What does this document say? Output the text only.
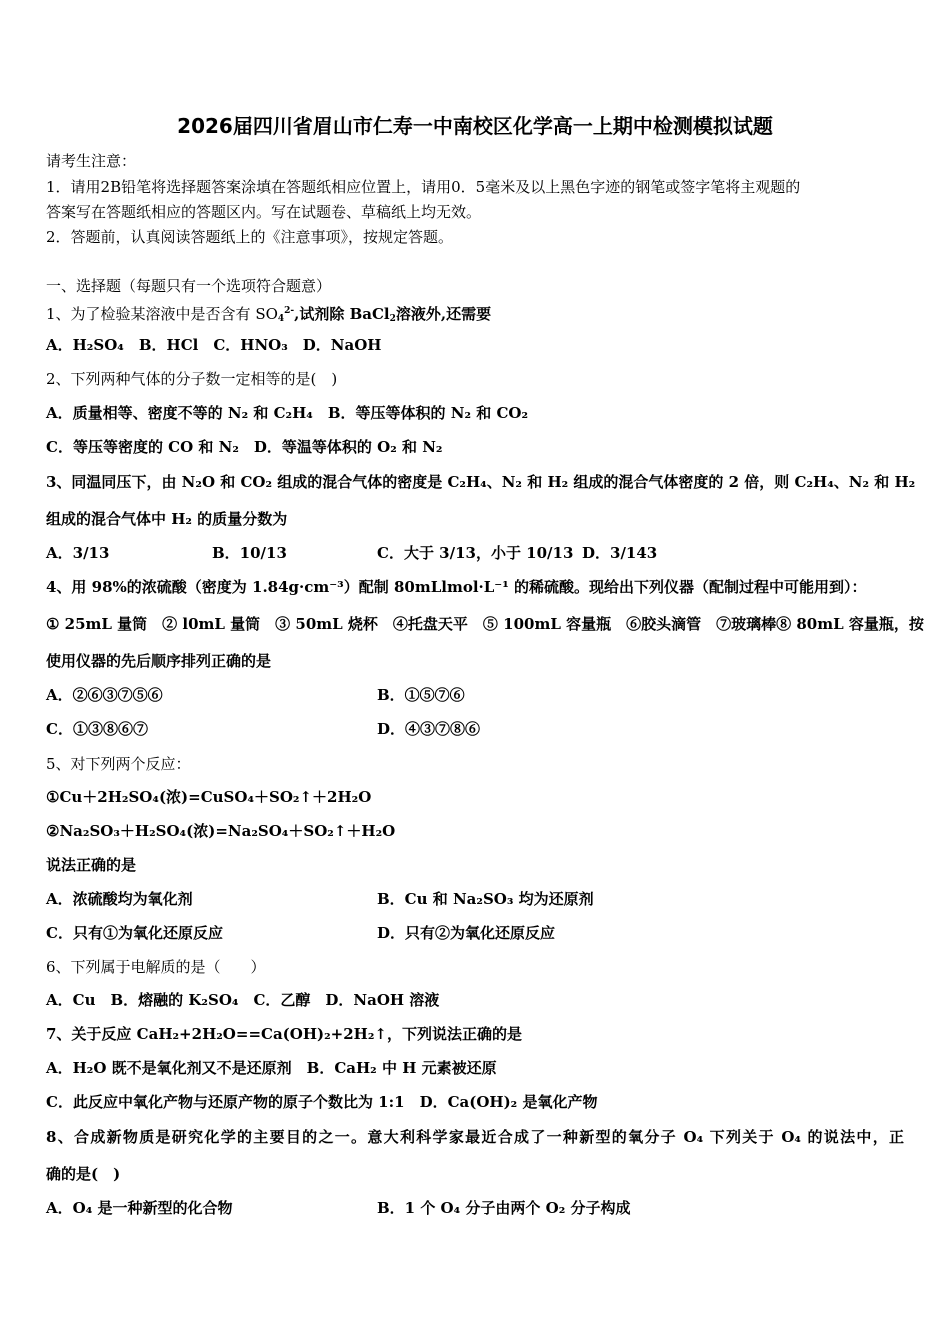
2026届四川省眉山市仁寿一中南校区化学高一上期中检测模拟试题
请考生注意：
1．请用2B铅笔将选择题答案涂填在答题纸相应位置上，请用0．5毫米及以上黑色字迹的钢笔或签字笔将主观题的
答案写在答题纸相应的答题区内。写在试题卷、草稿纸上均无效。
2．答题前，认真阅读答题纸上的《注意事项》，按规定答题。
一、选择题（每题只有一个选项符合题意）
1、为了检验某溶液中是否含有 $SO_4^{2-}$,试剂除 BaCl$_2$溶液外,还需要
A．H₂SO₄　B．HCl　C．HNO₃　D．NaOH
2、下列两种气体的分子数一定相等的是(　)
A．质量相等、密度不等的 N₂ 和 C₂H₄　B．等压等体积的 N₂ 和 CO₂
C．等压等密度的 CO 和 N₂　D．等温等体积的 O₂ 和 N₂
3、同温同压下，由 N₂O 和 CO₂ 组成的混合气体的密度是 C₂H₄、N₂ 和 H₂ 组成的混合气体密度的 2 倍，则 C₂H₄、N₂ 和 H₂
组成的混合气体中 H₂ 的质量分数为
A．3/13	B．10/13	C．大于 3/13，小于 10/13 D．3/143
4、用 98%的浓硫酸（密度为 1.84g·cm⁻³）配制 80mLlmol·L⁻¹ 的稀硫酸。现给出下列仪器（配制过程中可能用到）：
① 25mL 量筒　② l0mL 量筒　③ 50mL 烧杯　④托盘天平　⑤ 100mL 容量瓶　⑥胶头滴管　⑦玻璃棒⑧ 80mL 容量瓶，按
使用仪器的先后顺序排列正确的是
A．②⑥③⑦⑤⑥	B．①⑤⑦⑥
C．①③⑧⑥⑦	D．④③⑦⑧⑥
5、对下列两个反应：
①Cu＋2H₂SO₄(浓)=CuSO₄＋SO₂↑＋2H₂O
②Na₂SO₃＋H₂SO₄(浓)=Na₂SO₄＋SO₂↑＋H₂O
说法正确的是
A．浓硫酸均为氧化剂	B．Cu 和 Na₂SO₃ 均为还原剂
C．只有①为氧化还原反应	D．只有②为氧化还原反应
6、下列属于电解质的是（　　）
A．Cu　B．熔融的 K₂SO₄　C．乙醇　D．NaOH 溶液
7、关于反应 CaH₂+2H₂O==Ca(OH)₂+2H₂↑，下列说法正确的是
A．H₂O 既不是氧化剂又不是还原剂　B．CaH₂ 中 H 元素被还原
C．此反应中氧化产物与还原产物的原子个数比为 1:1　D．Ca(OH)₂ 是氧化产物
8、合成新物质是研究化学的主要目的之一。意大利科学家最近合成了一种新型的氧分子 O₄ 下列关于 O₄ 的说法中，正
确的是(　)
A．O₄ 是一种新型的化合物	B．1 个 O₄ 分子由两个 O₂ 分子构成
